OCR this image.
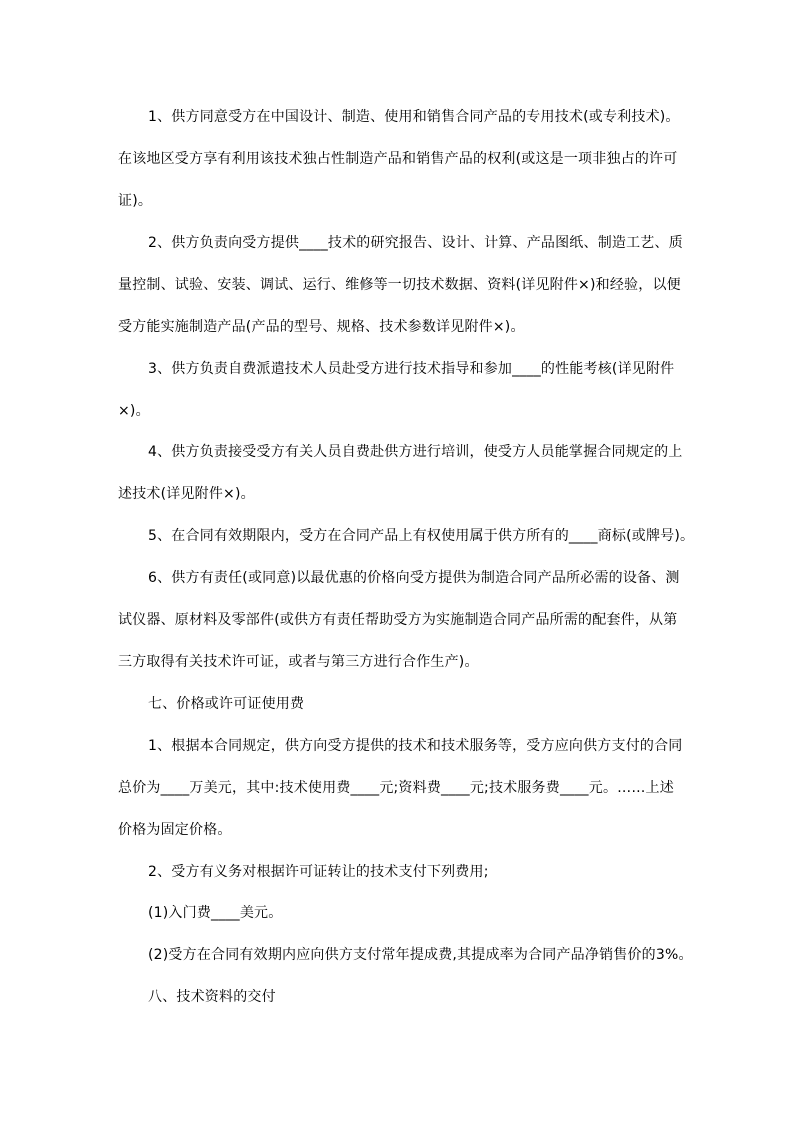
1、供方同意受方在中国设计、制造、使用和销售合同产品的专用技术(或专利技术)。
在该地区受方享有利用该技术独占性制造产品和销售产品的权利(或这是一项非独占的许可
证)。
2、供方负责向受方提供____技术的研究报告、设计、计算、产品图纸、制造工艺、质
量控制、试验、安装、调试、运行、维修等一切技术数据、资料(详见附件×)和经验，以便
受方能实施制造产品(产品的型号、规格、技术参数详见附件×)。
3、供方负责自费派遣技术人员赴受方进行技术指导和参加____的性能考核(详见附件
×)。
4、供方负责接受受方有关人员自费赴供方进行培训，使受方人员能掌握合同规定的上
述技术(详见附件×)。
5、在合同有效期限内，受方在合同产品上有权使用属于供方所有的____商标(或牌号)。
6、供方有责任(或同意)以最优惠的价格向受方提供为制造合同产品所必需的设备、测
试仪器、原材料及零部件(或供方有责任帮助受方为实施制造合同产品所需的配套件，从第
三方取得有关技术许可证，或者与第三方进行合作生产)。
七、价格或许可证使用费
1、根据本合同规定，供方向受方提供的技术和技术服务等，受方应向供方支付的合同
总价为____万美元，其中:技术使用费____元;资料费____元;技术服务费____元。……上述
价格为固定价格。
2、受方有义务对根据许可证转让的技术支付下列费用;
(1)入门费____美元。
(2)受方在合同有效期内应向供方支付常年提成费,其提成率为合同产品净销售价的3%。
八、技术资料的交付
